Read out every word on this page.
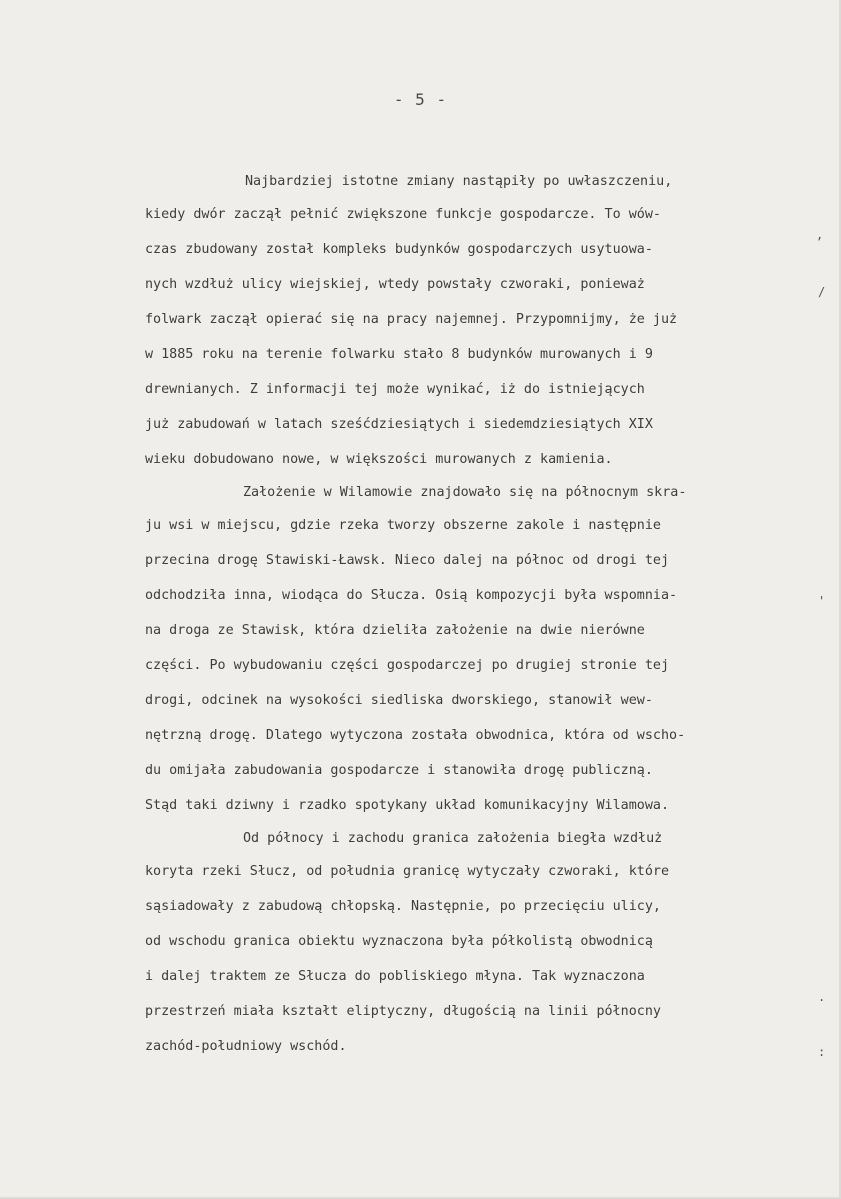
- 5 -
Najbardziej istotne zmiany nastąpiły po uwłaszczeniu,
kiedy dwór zaczął pełnić zwiększone funkcje gospodarcze. To wów-
czas zbudowany został kompleks budynków gospodarczych usytuowa-
nych wzdłuż ulicy wiejskiej, wtedy powstały czworaki, ponieważ
folwark zaczął opierać się na pracy najemnej. Przypomnijmy, że już
w 1885 roku na terenie folwarku stało 8 budynków murowanych i 9
drewnianych. Z informacji tej może wynikać, iż do istniejących
już zabudowań w latach sześćdziesiątych i siedemdziesiątych XIX
wieku dobudowano nowe, w większości murowanych z kamienia.
Założenie w Wilamowie znajdowało się na północnym skra-
ju wsi w miejscu, gdzie rzeka tworzy obszerne zakole i następnie
przecina drogę Stawiski-Ławsk. Nieco dalej na północ od drogi tej
odchodziła inna, wiodąca do Słucza. Osią kompozycji była wspomnia-
na droga ze Stawisk, która dzieliła założenie na dwie nierówne
części. Po wybudowaniu części gospodarczej po drugiej stronie tej
drogi, odcinek na wysokości siedliska dworskiego, stanowił wew-
nętrzną drogę. Dlatego wytyczona została obwodnica, która od wscho-
du omijała zabudowania gospodarcze i stanowiła drogę publiczną.
Stąd taki dziwny i rzadko spotykany układ komunikacyjny Wilamowa.
Od północy i zachodu granica założenia biegła wzdłuż
koryta rzeki Słucz, od południa granicę wytyczały czworaki, które
sąsiadowały z zabudową chłopską. Następnie, po przecięciu ulicy,
od wschodu granica obiektu wyznaczona była półkolistą obwodnicą
i dalej traktem ze Słucza do pobliskiego młyna. Tak wyznaczona
przestrzeń miała kształt eliptyczny, długością na linii północny
zachód-południowy wschód.
,
/
'
.
:
